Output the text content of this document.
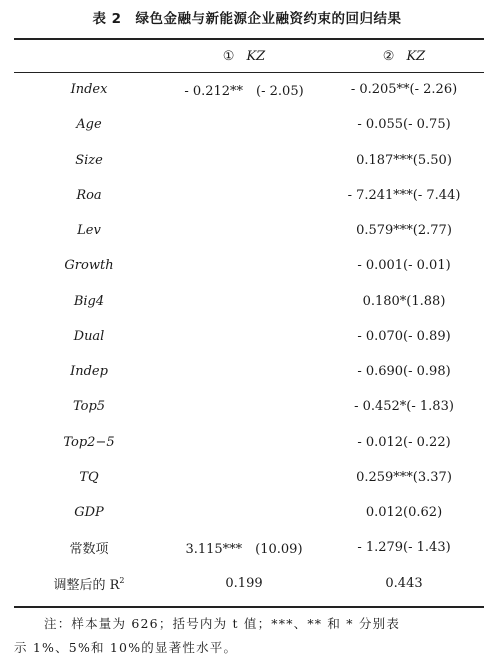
表 2 绿色金融与新能源企业融资约束的回归结果
	① KZ	② KZ
Index	- 0.212**　(- 2.05)	- 0.205**(- 2.26)
Age		- 0.055(- 0.75)
Size		0.187***(5.50)
Roa		- 7.241***(- 7.44)
Lev		0.579***(2.77)
Growth		- 0.001(- 0.01)
Big4		0.180*(1.88)
Dual		- 0.070(- 0.89)
Indep		- 0.690(- 0.98)
Top5		- 0.452*(- 1.83)
Top2−5		- 0.012(- 0.22)
TQ		0.259***(3.37)
GDP		0.012(0.62)
常数项	3.115***　(10.09)	- 1.279(- 1.43)
调整后的 $R^2$	0.199	0.443
注：样本量为 626；括号内为 t 值；***、** 和 * 分别表
示 1%、5%和 10%的显著性水平。
